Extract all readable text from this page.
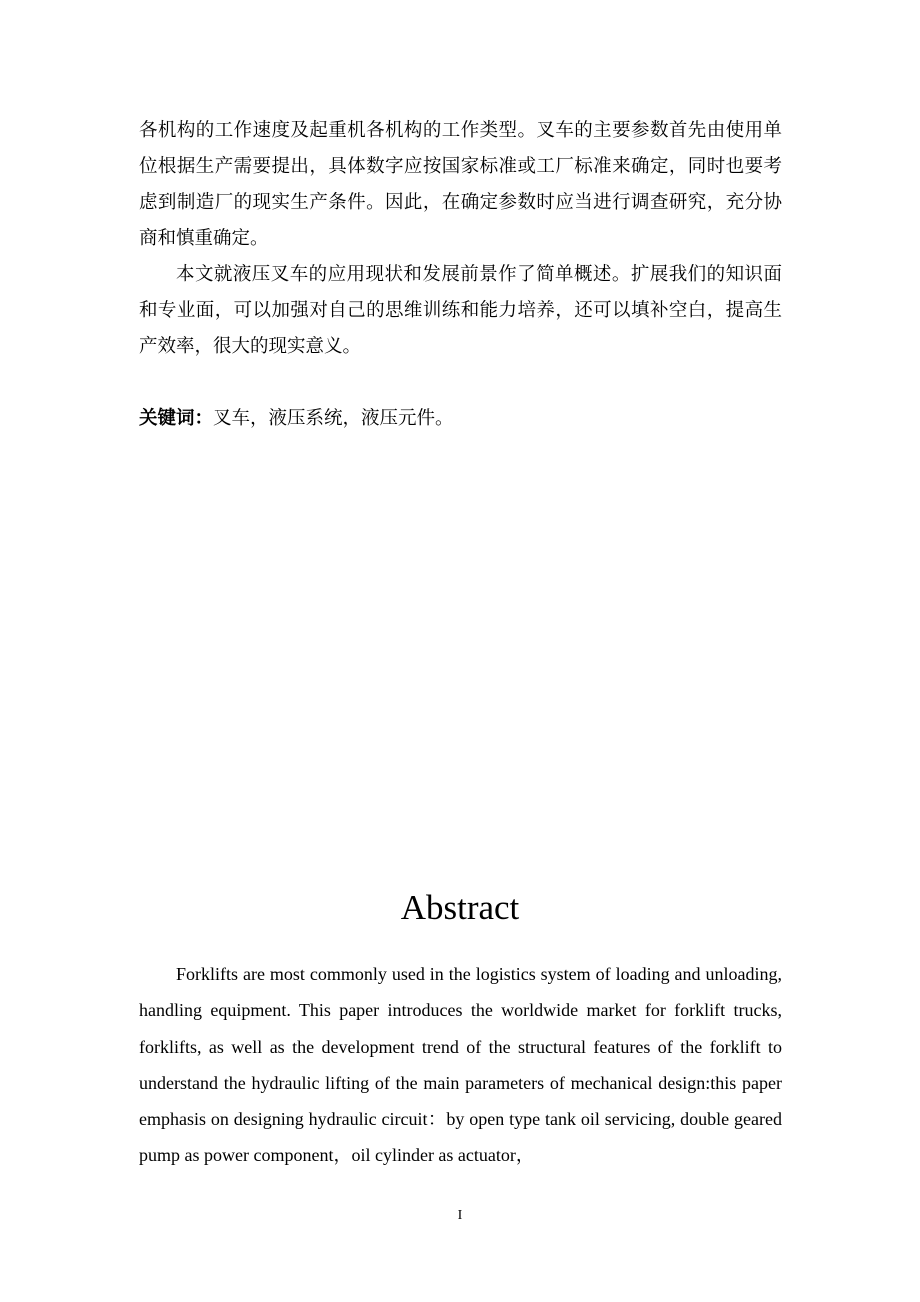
各机构的工作速度及起重机各机构的工作类型。叉车的主要参数首先由使用单位根据生产需要提出，具体数字应按国家标准或工厂标准来确定，同时也要考虑到制造厂的现实生产条件。因此，在确定参数时应当进行调查研究，充分协商和慎重确定。

本文就液压叉车的应用现状和发展前景作了简单概述。扩展我们的知识面和专业面，可以加强对自己的思维训练和能力培养，还可以填补空白，提高生产效率，很大的现实意义。

关键词：叉车，液压系统，液压元件。
Abstract

Forklifts are most commonly used in the logistics system of loading and unloading, handling equipment. This paper introduces the worldwide market for forklift trucks, forklifts, as well as the development trend of the structural features of the forklift to understand the hydraulic lifting of the main parameters of mechanical design:this paper emphasis on designing hydraulic circuit：by open type tank oil servicing, double geared pump as power component，oil cylinder as actuator，

I
